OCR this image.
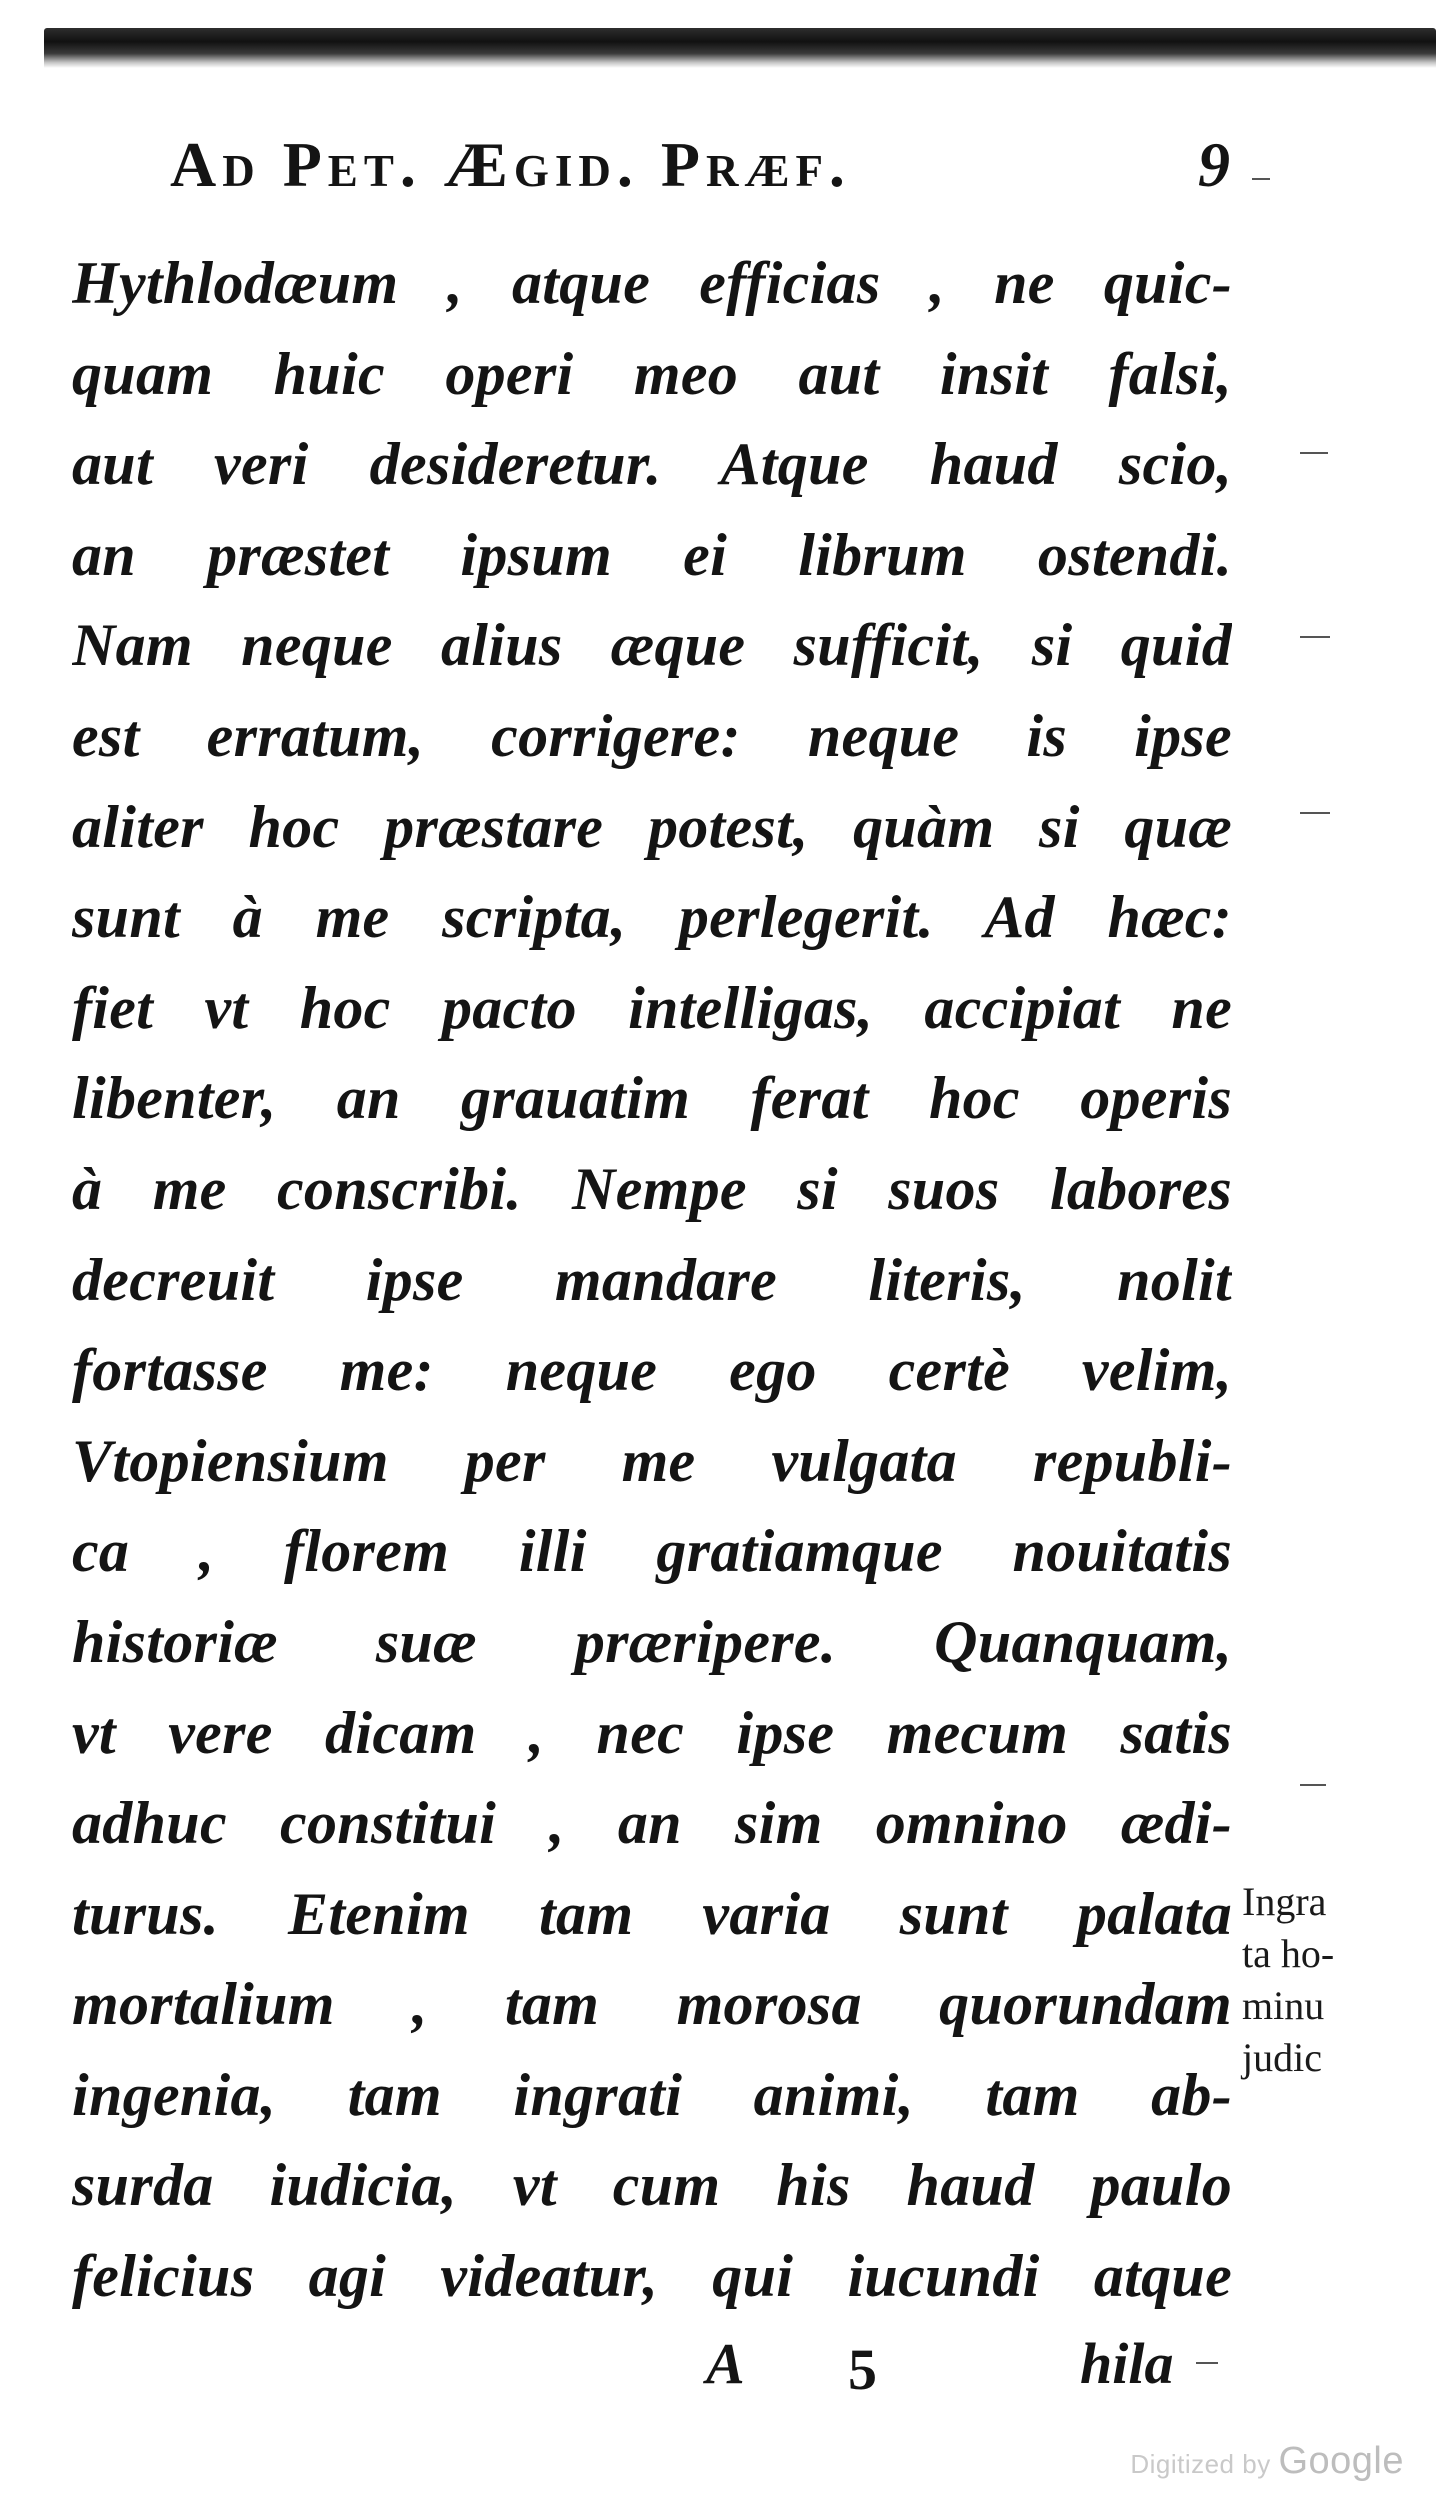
Ad Pet. Ægid. Præf.	9
Hythlodæum , atque efficias , ne quic-
quam huic operi meo aut insit falsi,
aut veri desideretur. Atque haud scio,
an præstet ipsum ei librum ostendi.
Nam neque alius æque sufficit, si quid
est erratum, corrigere: neque is ipse
aliter hoc præstare potest, quàm si quæ
sunt à me scripta, perlegerit. Ad hæc:
fiet vt hoc pacto intelligas, accipiat ne
libenter, an grauatim ferat hoc operis
à me conscribi. Nempe si suos labores
decreuit ipse mandare literis, nolit
fortasse me: neque ego certè velim,
Vtopiensium per me vulgata republi-
ca , florem illi gratiamque nouitatis
historiæ suæ præripere. Quanquam,
vt vere dicam , nec ipse mecum satis
adhuc constitui , an sim omnino ædi-
turus. Etenim tam varia sunt palata
mortalium , tam morosa quorundam
ingenia, tam ingrati animi, tam ab-
surda iudicia, vt cum his haud paulo
felicius agi videatur, qui iucundi atque
Ingra
ta ho-
minu
judic
A 5	hila
Digitized by Google
